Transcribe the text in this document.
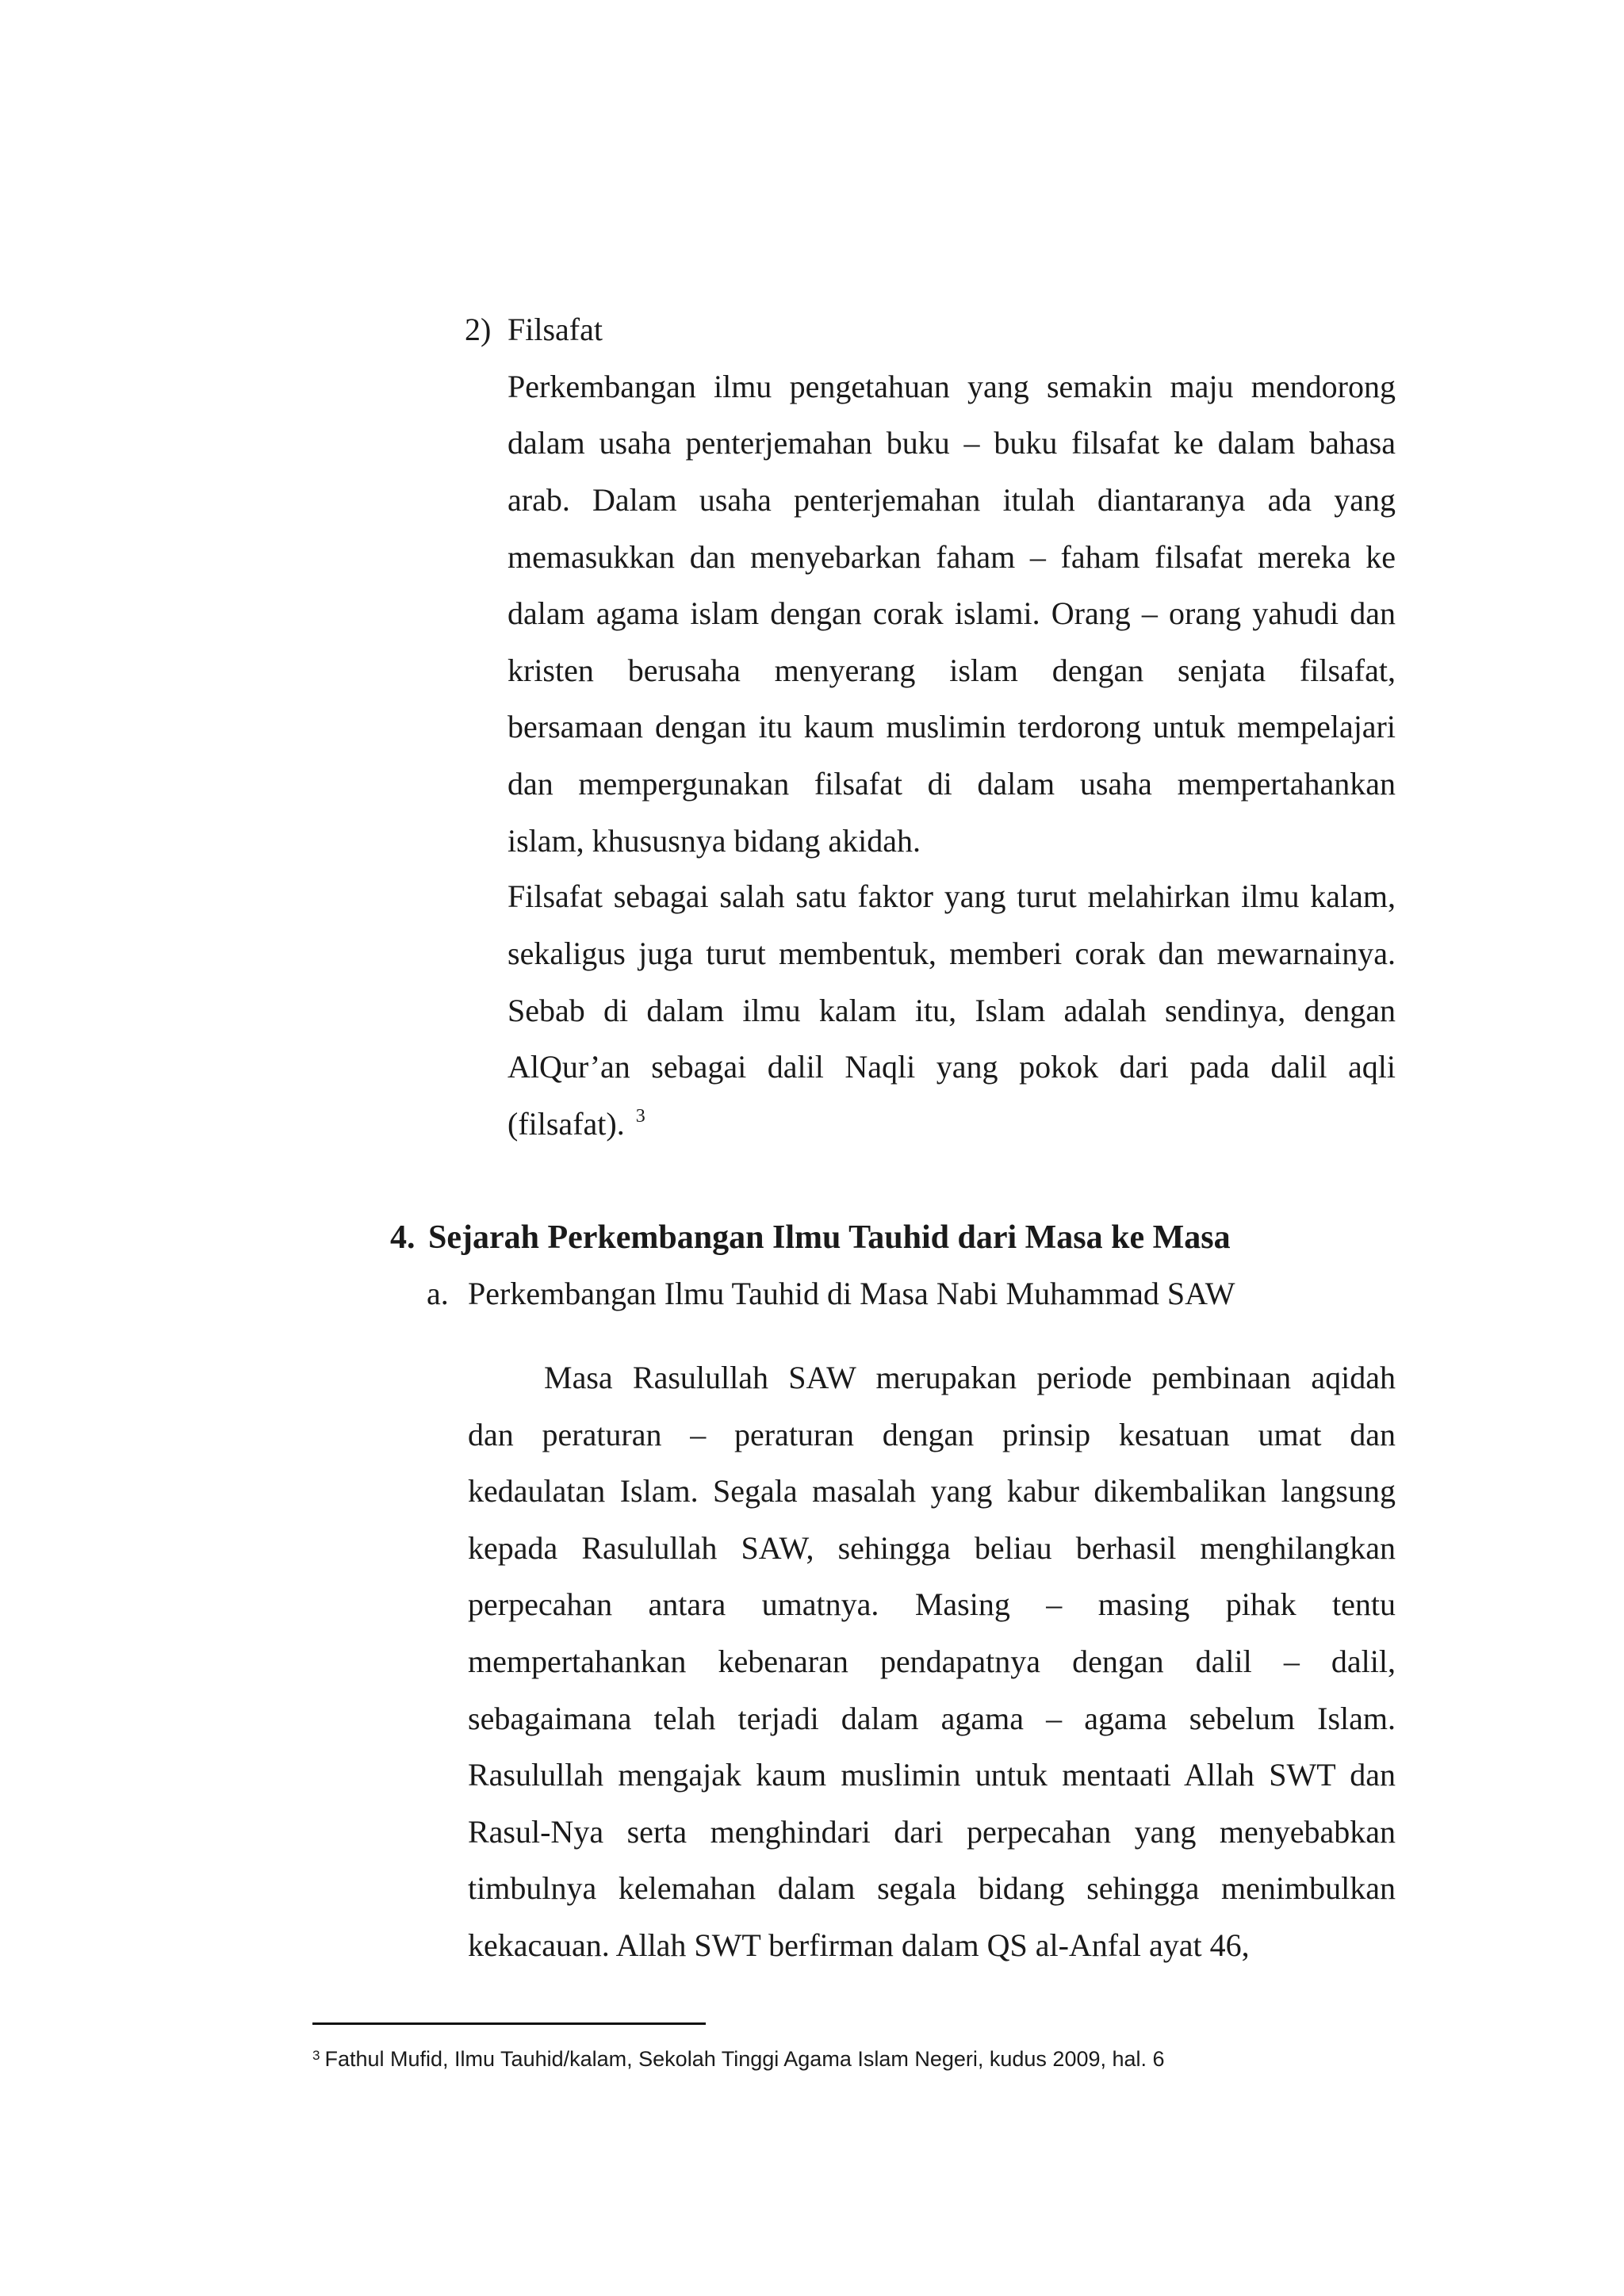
2) Filsafat
Perkembangan ilmu pengetahuan yang semakin maju mendorong
dalam usaha penterjemahan buku – buku filsafat ke dalam bahasa
arab. Dalam usaha penterjemahan itulah diantaranya ada yang
memasukkan dan menyebarkan faham – faham filsafat mereka ke
dalam agama islam dengan corak islami. Orang – orang yahudi dan
kristen berusaha menyerang islam dengan senjata filsafat,
bersamaan dengan itu kaum muslimin terdorong untuk mempelajari
dan mempergunakan filsafat di dalam usaha mempertahankan
islam, khususnya bidang akidah.
Filsafat sebagai salah satu faktor yang turut melahirkan ilmu kalam,
sekaligus juga turut membentuk, memberi corak dan mewarnainya.
Sebab di dalam ilmu kalam itu, Islam adalah sendinya, dengan
AlQur’an sebagai dalil Naqli yang pokok dari pada dalil aqli
(filsafat). $^3$
4. Sejarah Perkembangan Ilmu Tauhid dari Masa ke Masa
a. Perkembangan Ilmu Tauhid di Masa Nabi Muhammad SAW
Masa Rasulullah SAW merupakan periode pembinaan aqidah
dan peraturan – peraturan dengan prinsip kesatuan umat dan
kedaulatan Islam. Segala masalah yang kabur dikembalikan langsung
kepada Rasulullah SAW, sehingga beliau berhasil menghilangkan
perpecahan antara umatnya. Masing – masing pihak tentu
mempertahankan kebenaran pendapatnya dengan dalil – dalil,
sebagaimana telah terjadi dalam agama – agama sebelum Islam.
Rasulullah mengajak kaum muslimin untuk mentaati Allah SWT dan
Rasul-Nya serta menghindari dari perpecahan yang menyebabkan
timbulnya kelemahan dalam segala bidang sehingga menimbulkan
kekacauan. Allah SWT berfirman dalam QS al-Anfal ayat 46,
$^3$ Fathul Mufid, Ilmu Tauhid/kalam, Sekolah Tinggi Agama Islam Negeri, kudus 2009, hal. 6
